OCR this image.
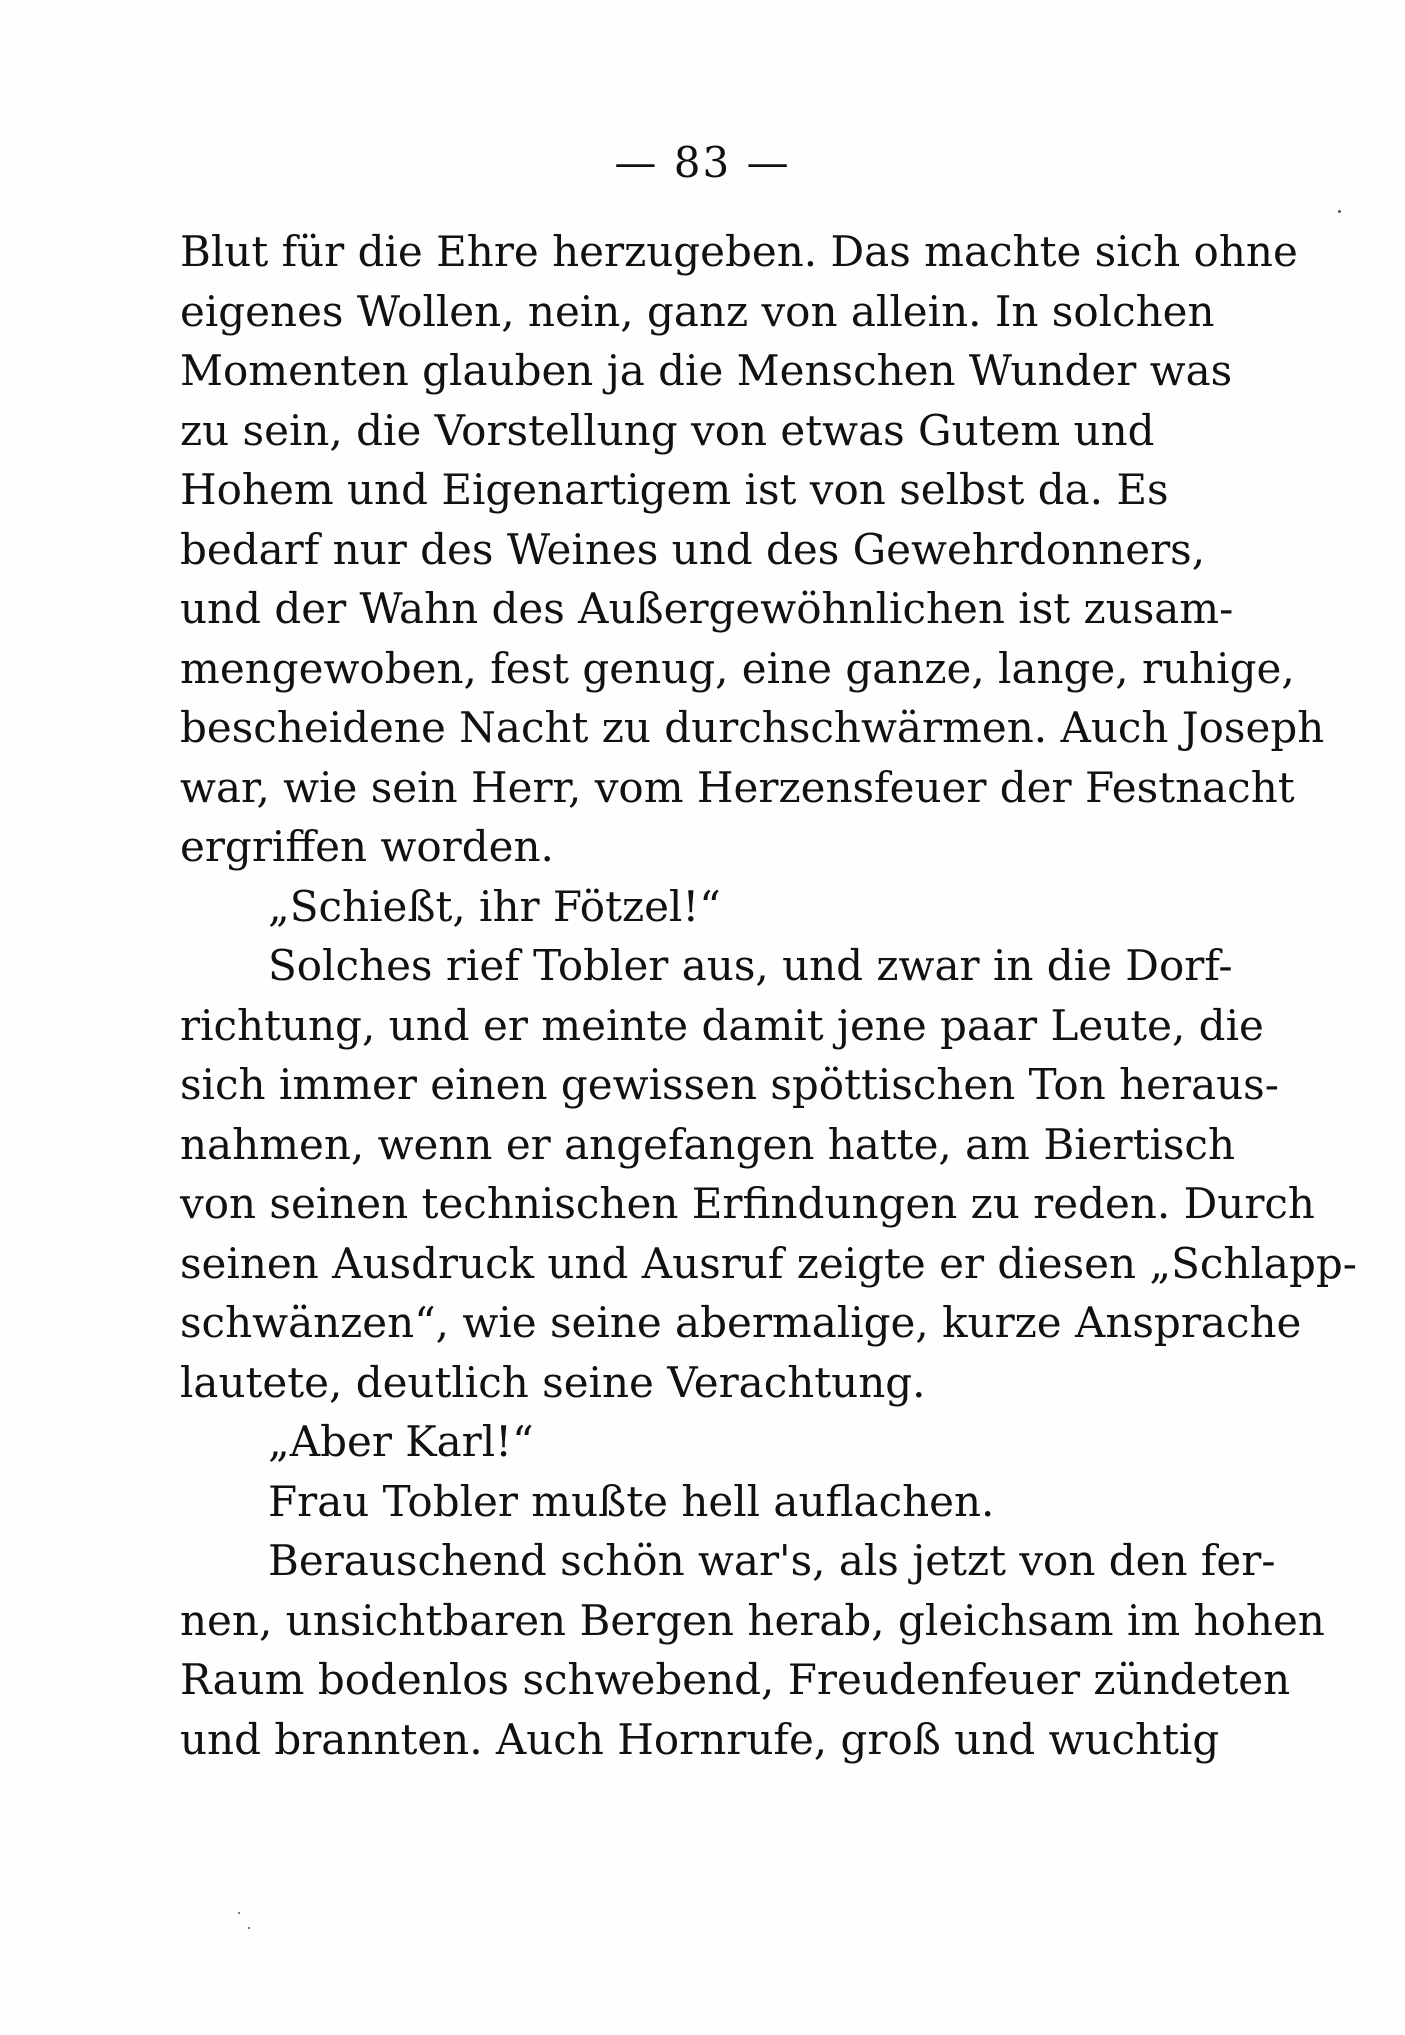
— 83 —
Blut für die Ehre herzugeben. Das machte sich ohne
eigenes Wollen, nein, ganz von allein. In solchen
Momenten glauben ja die Menschen Wunder was
zu sein, die Vorstellung von etwas Gutem und
Hohem und Eigenartigem ist von selbst da. Es
bedarf nur des Weines und des Gewehrdonners,
und der Wahn des Außergewöhnlichen ist zusam-
mengewoben, fest genug, eine ganze, lange, ruhige,
bescheidene Nacht zu durchschwärmen. Auch Joseph
war, wie sein Herr, vom Herzensfeuer der Festnacht
ergriffen worden.
„Schießt, ihr Fötzel!“
Solches rief Tobler aus, und zwar in die Dorf-
richtung, und er meinte damit jene paar Leute, die
sich immer einen gewissen spöttischen Ton heraus-
nahmen, wenn er angefangen hatte, am Biertisch
von seinen technischen Erfindungen zu reden. Durch
seinen Ausdruck und Ausruf zeigte er diesen „Schlapp-
schwänzen“, wie seine abermalige, kurze Ansprache
lautete, deutlich seine Verachtung.
„Aber Karl!“
Frau Tobler mußte hell auflachen.
Berauschend schön war's, als jetzt von den fer-
nen, unsichtbaren Bergen herab, gleichsam im hohen
Raum bodenlos schwebend, Freudenfeuer zündeten
und brannten. Auch Hornrufe, groß und wuchtig
